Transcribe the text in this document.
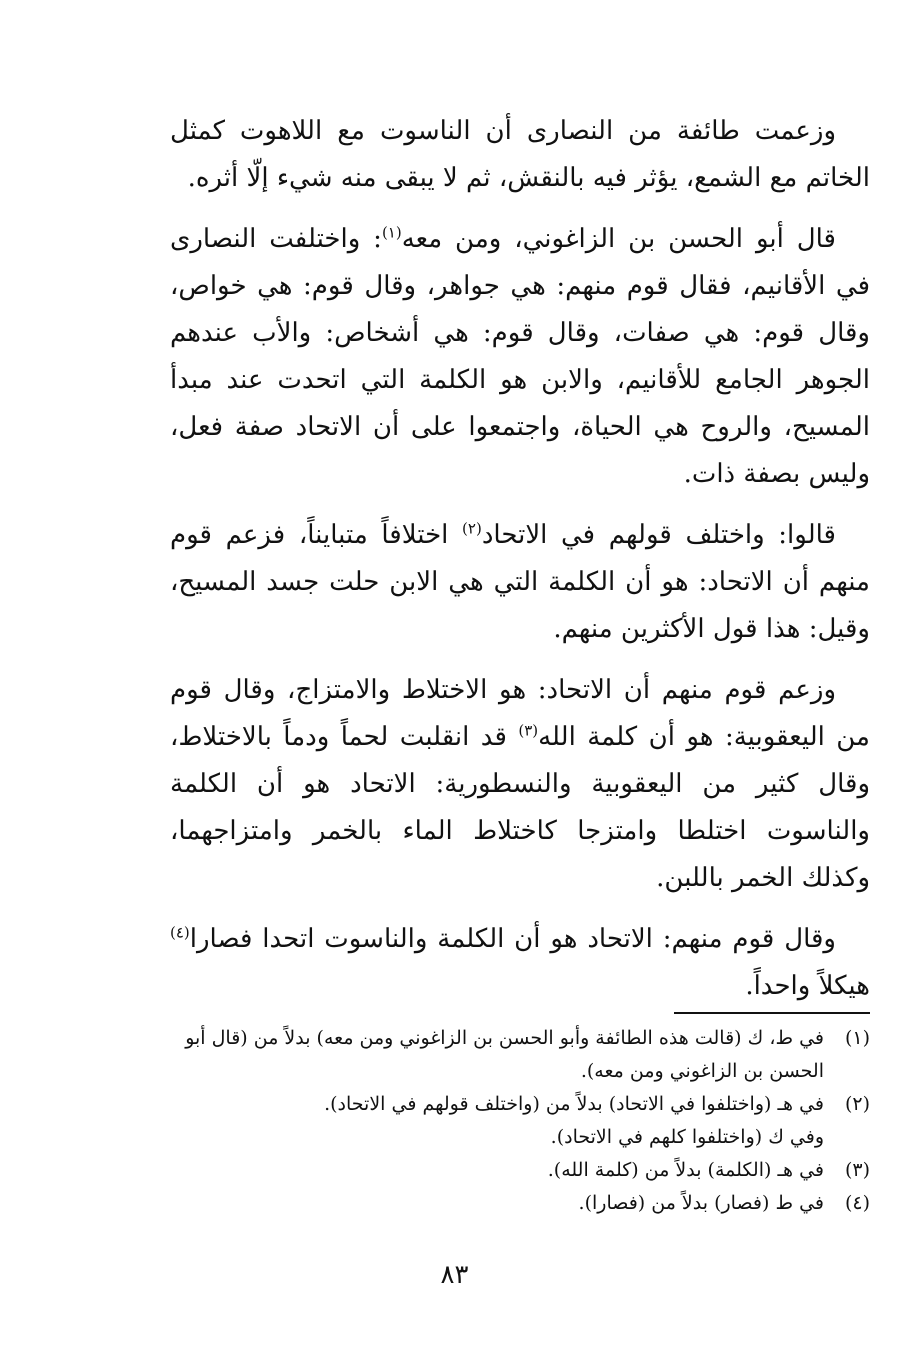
وزعمت طائفة من النصارى أن الناسوت مع اللاهوت كمثل الخاتم مع الشمع، يؤثر فيه بالنقش، ثم لا يبقى منه شيء إلّا أثره.

قال أبو الحسن بن الزاغوني، ومن معه$^{(١)}$: واختلفت النصارى في الأقانيم، فقال قوم منهم: هي جواهر، وقال قوم: هي خواص، وقال قوم: هي صفات، وقال قوم: هي أشخاص: والأب عندهم الجوهر الجامع للأقانيم، والابن هو الكلمة التي اتحدت عند مبدأ المسيح، والروح هي الحياة، واجتمعوا على أن الاتحاد صفة فعل، وليس بصفة ذات.

قالوا: واختلف قولهم في الاتحاد$^{(٢)}$ اختلافاً متبايناً، فزعم قوم منهم أن الاتحاد: هو أن الكلمة التي هي الابن حلت جسد المسيح، وقيل: هذا قول الأكثرين منهم.

وزعم قوم منهم أن الاتحاد: هو الاختلاط والامتزاج، وقال قوم من اليعقوبية: هو أن كلمة الله$^{(٣)}$ قد انقلبت لحماً ودماً بالاختلاط، وقال كثير من اليعقوبية والنسطورية: الاتحاد هو أن الكلمة والناسوت اختلطا وامتزجا كاختلاط الماء بالخمر وامتزاجهما، وكذلك الخمر باللبن.

وقال قوم منهم: الاتحاد هو أن الكلمة والناسوت اتحدا فصارا$^{(٤)}$ هيكلاً واحداً.

(١)
في ط، ك (قالت هذه الطائفة وأبو الحسن بن الزاغوني ومن معه) بدلاً من (قال أبو
الحسن بن الزاغوني ومن معه).
(٢)
في هـ (واختلفوا في الاتحاد) بدلاً من (واختلف قولهم في الاتحاد).
وفي ك (واختلفوا كلهم في الاتحاد).
(٣)
في هـ (الكلمة) بدلاً من (كلمة الله).
(٤)
في ط (فصار) بدلاً من (فصارا).
٨٣
